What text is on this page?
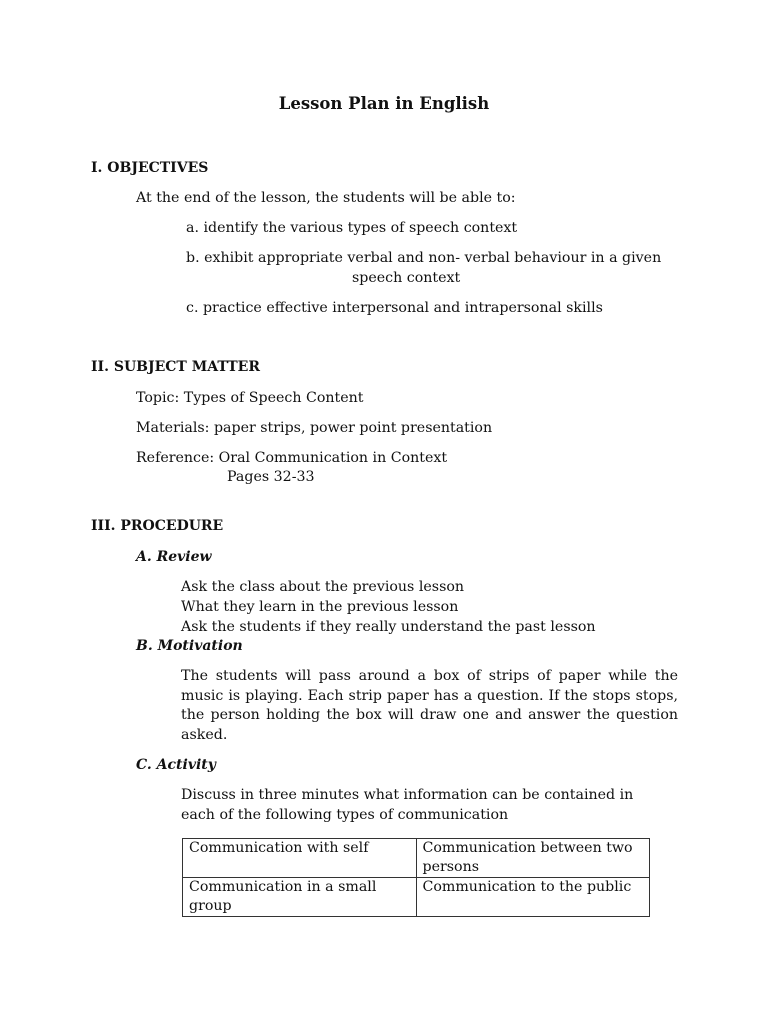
Lesson Plan in English
I. OBJECTIVES
At the end of the lesson, the students will be able to:
a. identify the various types of speech context
b. exhibit appropriate verbal and non- verbal behaviour in a given
speech context
c. practice effective interpersonal and intrapersonal skills
II. SUBJECT MATTER
Topic: Types of Speech Content
Materials: paper strips, power point presentation
Reference: Oral Communication in Context
Pages 32-33
III. PROCEDURE
A. Review
Ask the class about the previous lesson
What they learn in the previous lesson
Ask the students if they really understand the past lesson
B. Motivation
The students will pass around a box of strips of paper while the music is playing. Each strip paper has a question. If the stops stops, the person holding the box will draw one and answer the question asked.
C. Activity
Discuss in three minutes what information can be contained in each of the following types of communication
Communication with self	Communication between two persons
Communication in a small group	Communication to the public
